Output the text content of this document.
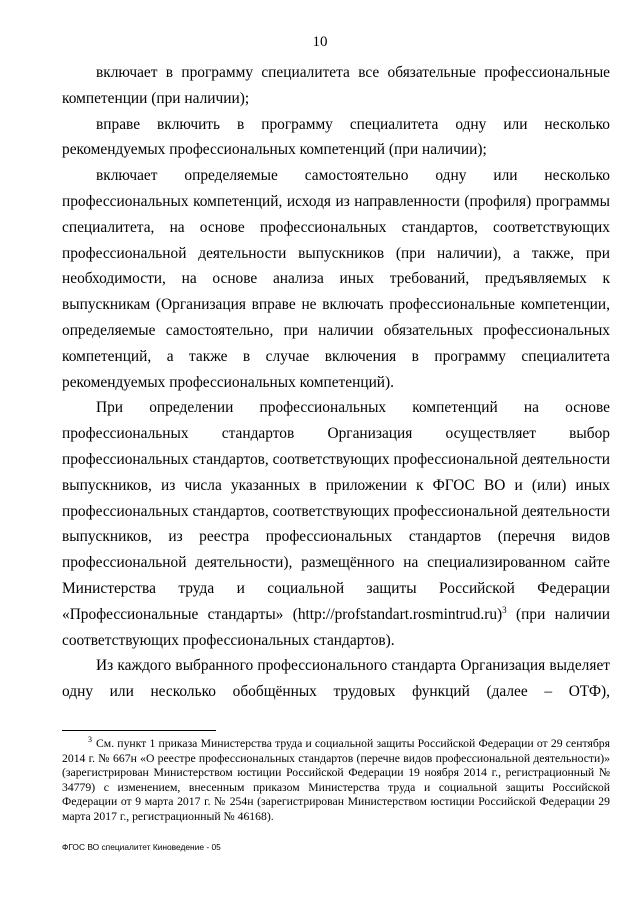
10

включает в программу специалитета все обязательные профессиональные компетенции (при наличии);

вправе включить в программу специалитета одну или несколько рекомендуемых профессиональных компетенций (при наличии);

включает определяемые самостоятельно одну или несколько профессиональных компетенций, исходя из направленности (профиля) программы специалитета, на основе профессиональных стандартов, соответствующих профессиональной деятельности выпускников (при наличии), а также, при необходимости, на основе анализа иных требований, предъявляемых к выпускникам (Организация вправе не включать профессиональные компетенции, определяемые самостоятельно, при наличии обязательных профессиональных компетенций, а также в случае включения в программу специалитета рекомендуемых профессиональных компетенций).

При определении профессиональных компетенций на основе профессиональных стандартов Организация осуществляет выбор профессиональных стандартов, соответствующих профессиональной деятельности выпускников, из числа указанных в приложении к ФГОС ВО и (или) иных профессиональных стандартов, соответствующих профессиональной деятельности выпускников, из реестра профессиональных стандартов (перечня видов профессиональной деятельности), размещённого на специализированном сайте Министерства труда и социальной защиты Российской Федерации «Профессиональные стандарты» (http://profstandart.rosmintrud.ru)$^3$ (при наличии соответствующих профессиональных стандартов).

Из каждого выбранного профессионального стандарта Организация выделяет одну или несколько обобщённых трудовых функций (далее – ОТФ),

$^3$ См. пункт 1 приказа Министерства труда и социальной защиты Российской Федерации от 29 сентября 2014 г. № 667н «О реестре профессиональных стандартов (перечне видов профессиональной деятельности)» (зарегистрирован Министерством юстиции Российской Федерации 19 ноября 2014 г., регистрационный № 34779) с изменением, внесенным приказом Министерства труда и социальной защиты Российской Федерации от 9 марта 2017 г. № 254н (зарегистрирован Министерством юстиции Российской Федерации 29 марта 2017 г., регистрационный № 46168).
ФГОС ВО специалитет Киноведение - 05
